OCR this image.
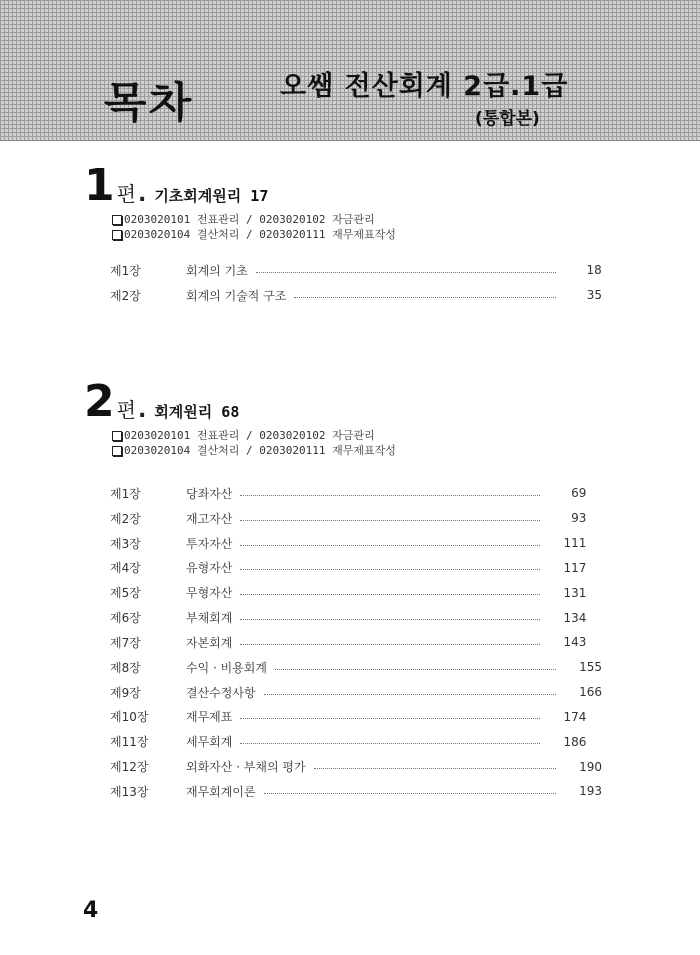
목차	오쌤 전산회계 2급.1급
(통합본)
1 편 . 기초회계원리 17
0203020101 전표관리 / 0203020102 자금관리
0203020104 결산처리 / 0203020111 재무제표작성
제1장	회계의 기초	18
제2장	회계의 기술적 구조	35
2 편 . 회계원리 68
0203020101 전표관리 / 0203020102 자금관리
0203020104 결산처리 / 0203020111 재무제표작성
제1장	당좌자산	69
제2장	재고자산	93
제3장	투자자산	111
제4장	유형자산	117
제5장	무형자산	131
제6장	부채회계	134
제7장	자본회계	143
제8장	수익 · 비용회계	155
제9장	결산수정사항	166
제10장	재무제표	174
제11장	세무회계	186
제12장	외화자산 · 부채의 평가	190
제13장	재무회계이론	193
4
